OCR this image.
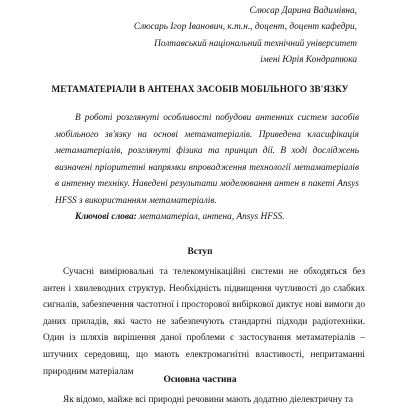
Слюсар Дарина Вадимівна,
Слюсарь Ігор Іванович, к.т.н., доцент, доцент кафедри,
Полтавський національний технічний університет
імені Юрія Кондратюка
МЕТАМАТЕРІАЛИ В АНТЕНАХ ЗАСОБІВ МОБІЛЬНОГО ЗВ'ЯЗКУ

В роботі розглянуті особливості побудови антенних систем засобів мобільного зв'язку на основі метаматеріалів. Приведена класифікація метаматеріалів, розглянуті фізика та принцип дії. В ході досліджень визначені пріоритетні напрямки впровадження технології метаматеріалів в антенну техніку. Наведені результати моделювання антен в пакеті Ansys HFSS з використанням метаматеріалів.

Ключові слова: метаматеріал, антена, Ansys HFSS.

Вступ

Сучасні вимірювальні та телекомунікаційні системи не обходяться без антен і хвилеводних структур. Необхідність підвищення чутливості до слабких сигналів, забезпечення частотної і просторової вибіркової диктує нові вимоги до даних приладів, які часто не забезпечують стандартні підходи радіотехніки. Один із шляхів вирішення даної проблеми є застосування метаматеріалів – штучних середовищ, що мають електромагнітні властивості, непритаманні природним матеріалам

Основна частина

Як відомо, майже всі природні речовини мають додатню діелектричну та
